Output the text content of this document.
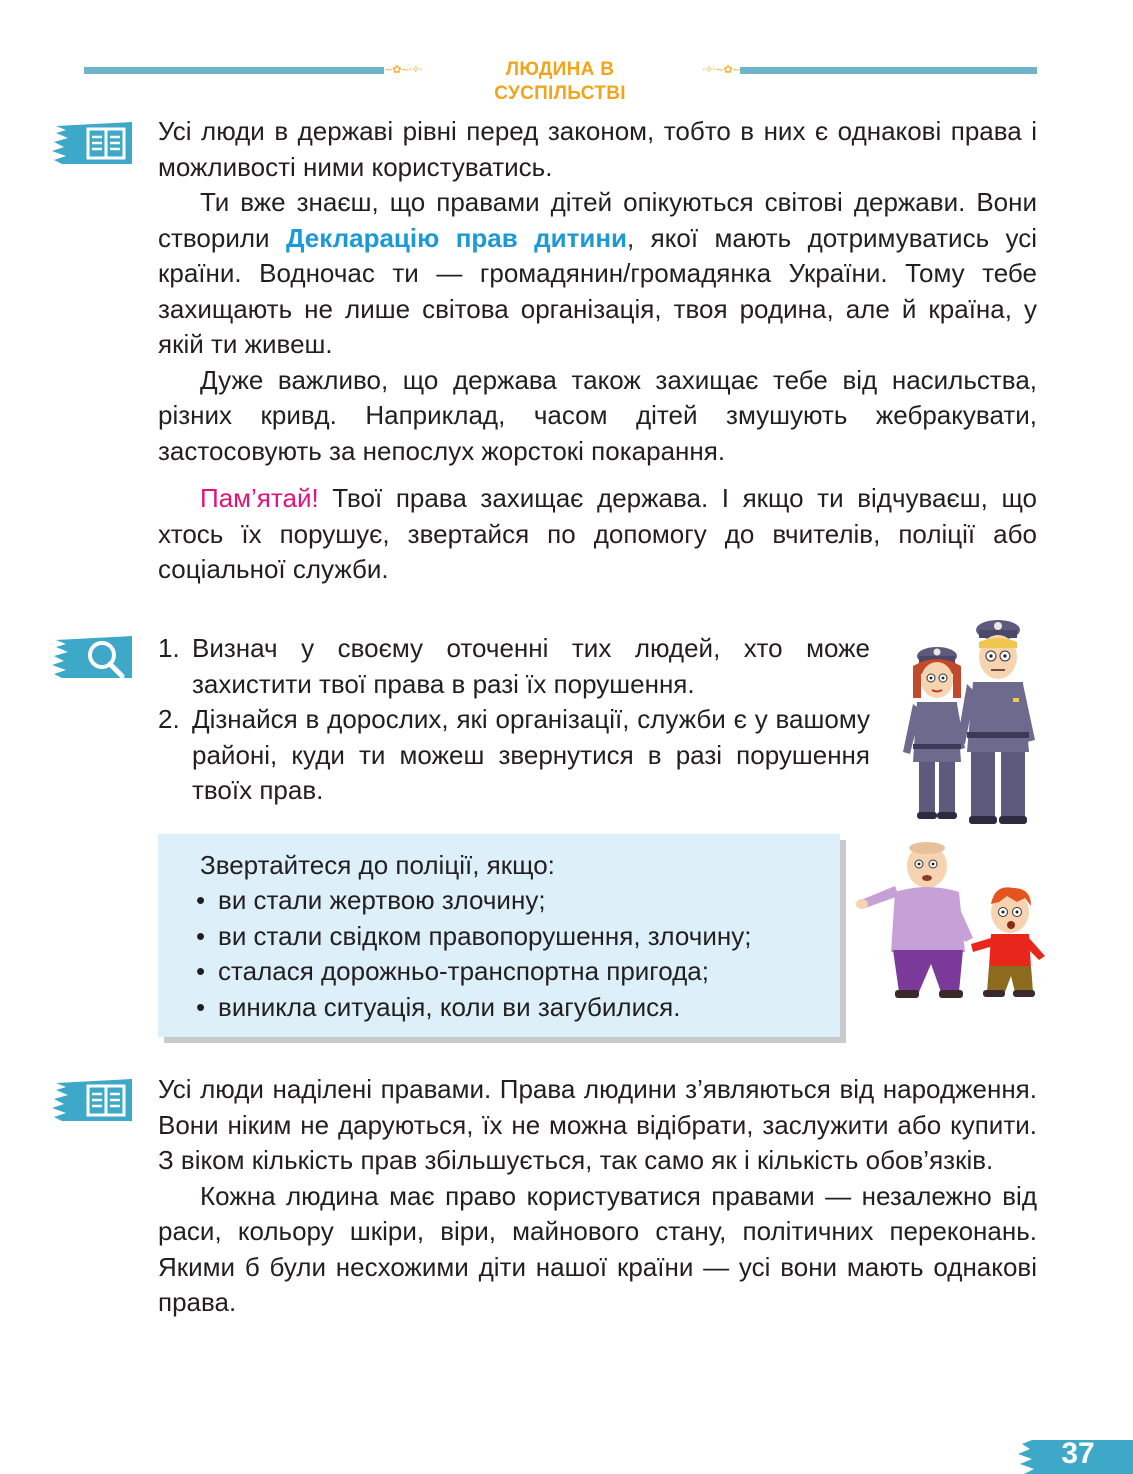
~✿~·✧·	ЛЮДИНА В СУСПІЛЬСТВІ
·✧·~✿~

Усі люди в державі рівні перед законом, тобто в них є однакові права і можливості ними користуватись.

Ти вже знаєш, що правами дітей опікуються світові держави. Вони створили Декларацію прав дитини, якої мають дотримуватись усі країни. Водночас ти — громадянин/громадянка України. Тому тебе захищають не лише світова організація, твоя родина, але й країна, у якій ти живеш.

Дуже важливо, що держава також захищає тебе від насильства, різних кривд. Наприклад, часом дітей змушують жебракувати, застосовують за непослух жорстокі покарання.

Пам’ятай! Твої права захищає держава. І якщо ти відчуваєш, що хтось їх порушує, звертайся по допомогу до вчителів, поліції або соціальної служби.

1. Визнач у своєму оточенні тих людей, хто може захистити твої права в разі їх порушення.
2. Дізнайся в дорослих, які організації, служби є у вашому районі, куди ти можеш звернутися в разі порушення твоїх прав.
Звертайтеся до поліції, якщо:
• ви стали жертвою злочину;
• ви стали свідком правопорушення, злочину;
• сталася дорожньо-транспортна пригода;
• виникла ситуація, коли ви загубилися.

Усі люди наділені правами. Права людини з’являються від народження. Вони ніким не даруються, їх не можна відібрати, заслужити або купити. З віком кількість прав збільшується, так само як і кількість обов’язків.

Кожна людина має право користуватися правами — незалежно від раси, кольору шкіри, віри, майнового стану, політичних переконань. Якими б були несхожими діти нашої країни — усі вони мають однакові права.

37
